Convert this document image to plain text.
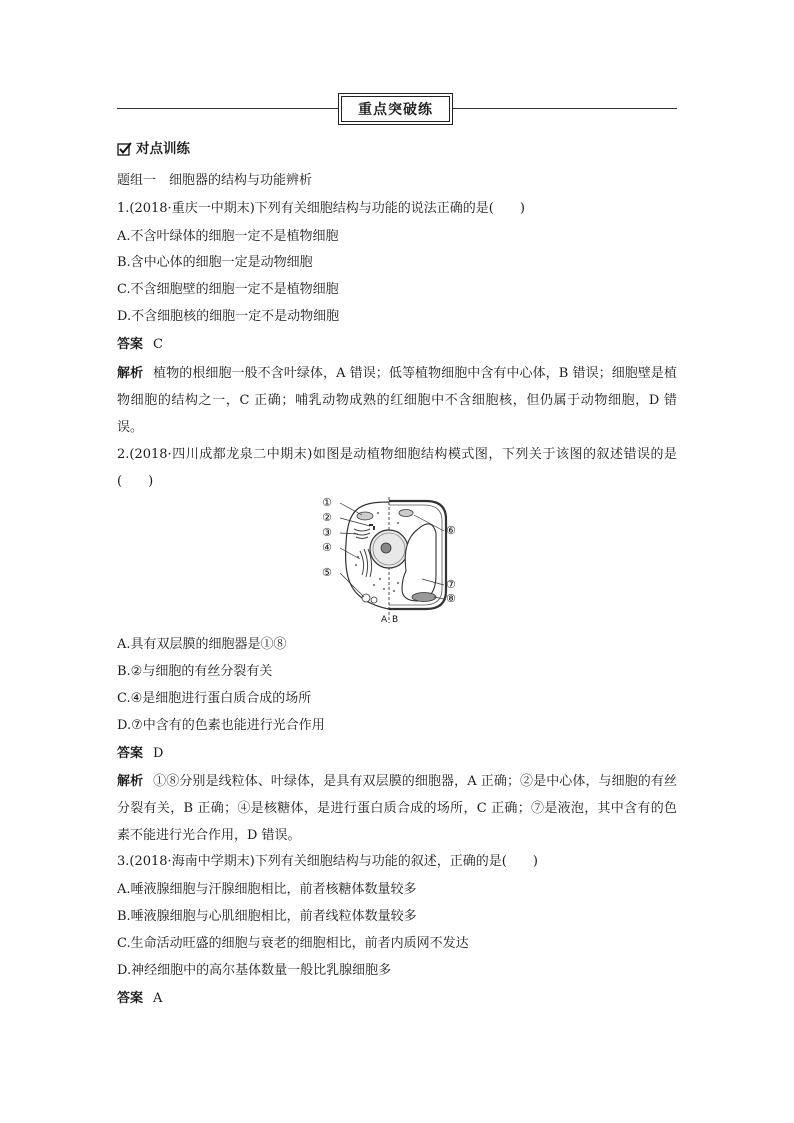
重点突破练
对点训练
题组一　细胞器的结构与功能辨析
1.(2018·重庆一中期末)下列有关细胞结构与功能的说法正确的是(　　)
A.不含叶绿体的细胞一定不是植物细胞
B.含中心体的细胞一定是动物细胞
C.不含细胞壁的细胞一定不是植物细胞
D.不含细胞核的细胞一定不是动物细胞
答案 C
解析 植物的根细胞一般不含叶绿体，A 错误；低等植物细胞中含有中心体，B 错误；细胞壁是植物细胞的结构之一，C 正确；哺乳动物成熟的红细胞中不含细胞核，但仍属于动物细胞，D 错误。
2.(2018·四川成都龙泉二中期末)如图是动植物细胞结构模式图，下列关于该图的叙述错误的是(　　)
①
②
③
④
⑤
⑥
⑦
⑧
A B
A.具有双层膜的细胞器是①⑧
B.②与细胞的有丝分裂有关
C.④是细胞进行蛋白质合成的场所
D.⑦中含有的色素也能进行光合作用
答案 D
解析 ①⑧分别是线粒体、叶绿体，是具有双层膜的细胞器，A 正确；②是中心体，与细胞的有丝分裂有关，B 正确；④是核糖体，是进行蛋白质合成的场所，C 正确；⑦是液泡，其中含有的色素不能进行光合作用，D 错误。
3.(2018·海南中学期末)下列有关细胞结构与功能的叙述，正确的是(　　)
A.唾液腺细胞与汗腺细胞相比，前者核糖体数量较多
B.唾液腺细胞与心肌细胞相比，前者线粒体数量较多
C.生命活动旺盛的细胞与衰老的细胞相比，前者内质网不发达
D.神经细胞中的高尔基体数量一般比乳腺细胞多
答案 A
